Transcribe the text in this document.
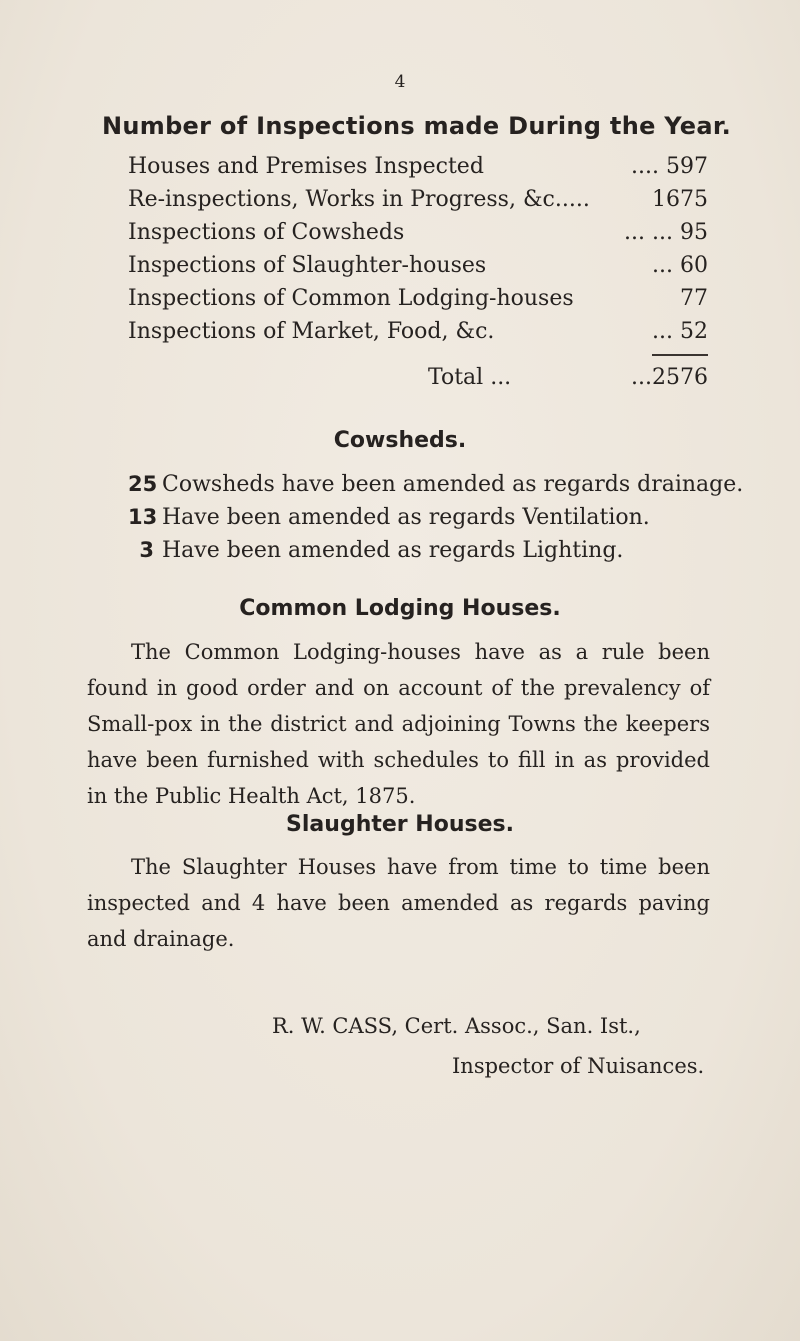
4
Number of Inspections made During the Year.
Houses and Premises Inspected	.... 597
Re-inspections, Works in Progress, &c.....	1675
Inspections of Cowsheds	... ... 95
Inspections of Slaughter-houses	... 60
Inspections of Common Lodging-houses	77
Inspections of Market, Food, &c.	... 52
Total ...	...2576
Cowsheds.
25 Cowsheds have been amended as regards drainage.
13 Have been amended as regards Ventilation.
3 Have been amended as regards Lighting.
Common Lodging Houses.

The Common Lodging-houses have as a rule been found in good order and on account of the prevalency of Small-pox in the district and adjoining Towns the keepers have been furnished with schedules to fill in as provided in the Public Health Act, 1875.

Slaughter Houses.

The Slaughter Houses have from time to time been inspected and 4 have been amended as regards paving and drainage.

R. W. CASS, Cert. Assoc., San. Ist.,
Inspector of Nuisances.
